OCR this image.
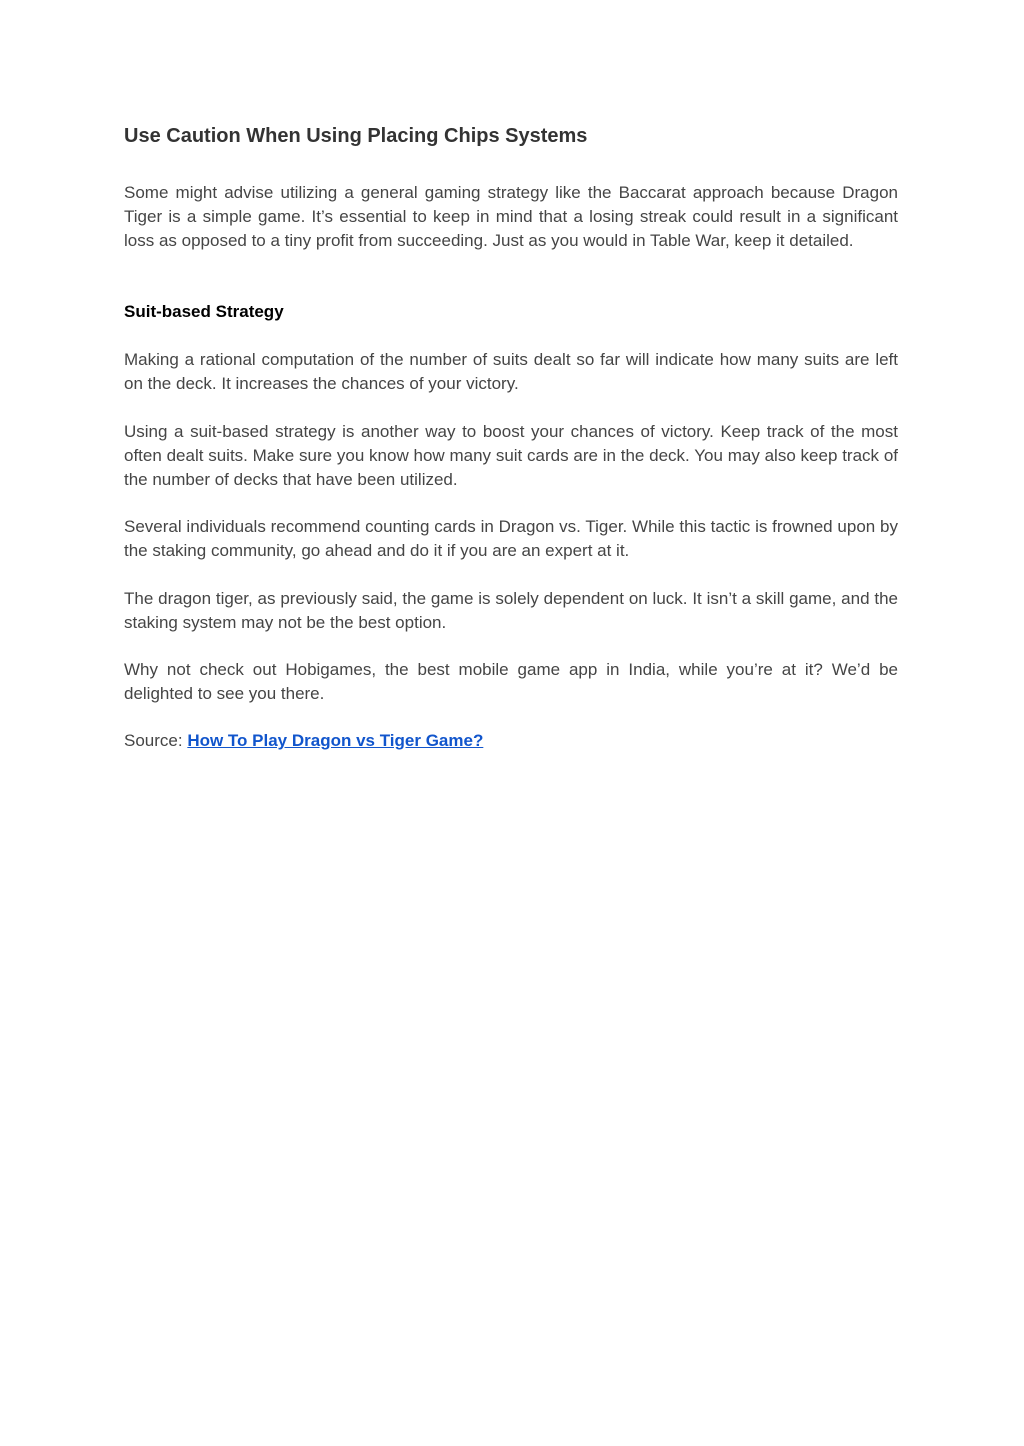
Use Caution When Using Placing Chips Systems

Some might advise utilizing a general gaming strategy like the Baccarat approach because Dragon Tiger is a simple game. It’s essential to keep in mind that a losing streak could result in a significant loss as opposed to a tiny profit from succeeding. Just as you would in Table War, keep it detailed.

Suit-based Strategy

Making a rational computation of the number of suits dealt so far will indicate how many suits are left on the deck. It increases the chances of your victory.

Using a suit-based strategy is another way to boost your chances of victory. Keep track of the most often dealt suits. Make sure you know how many suit cards are in the deck. You may also keep track of the number of decks that have been utilized.

Several individuals recommend counting cards in Dragon vs. Tiger. While this tactic is frowned upon by the staking community, go ahead and do it if you are an expert at it.

The dragon tiger, as previously said, the game is solely dependent on luck. It isn’t a skill game, and the staking system may not be the best option.

Why not check out Hobigames, the best mobile game app in India, while you’re at it? We’d be delighted to see you there.

Source: How To Play Dragon vs Tiger Game?
